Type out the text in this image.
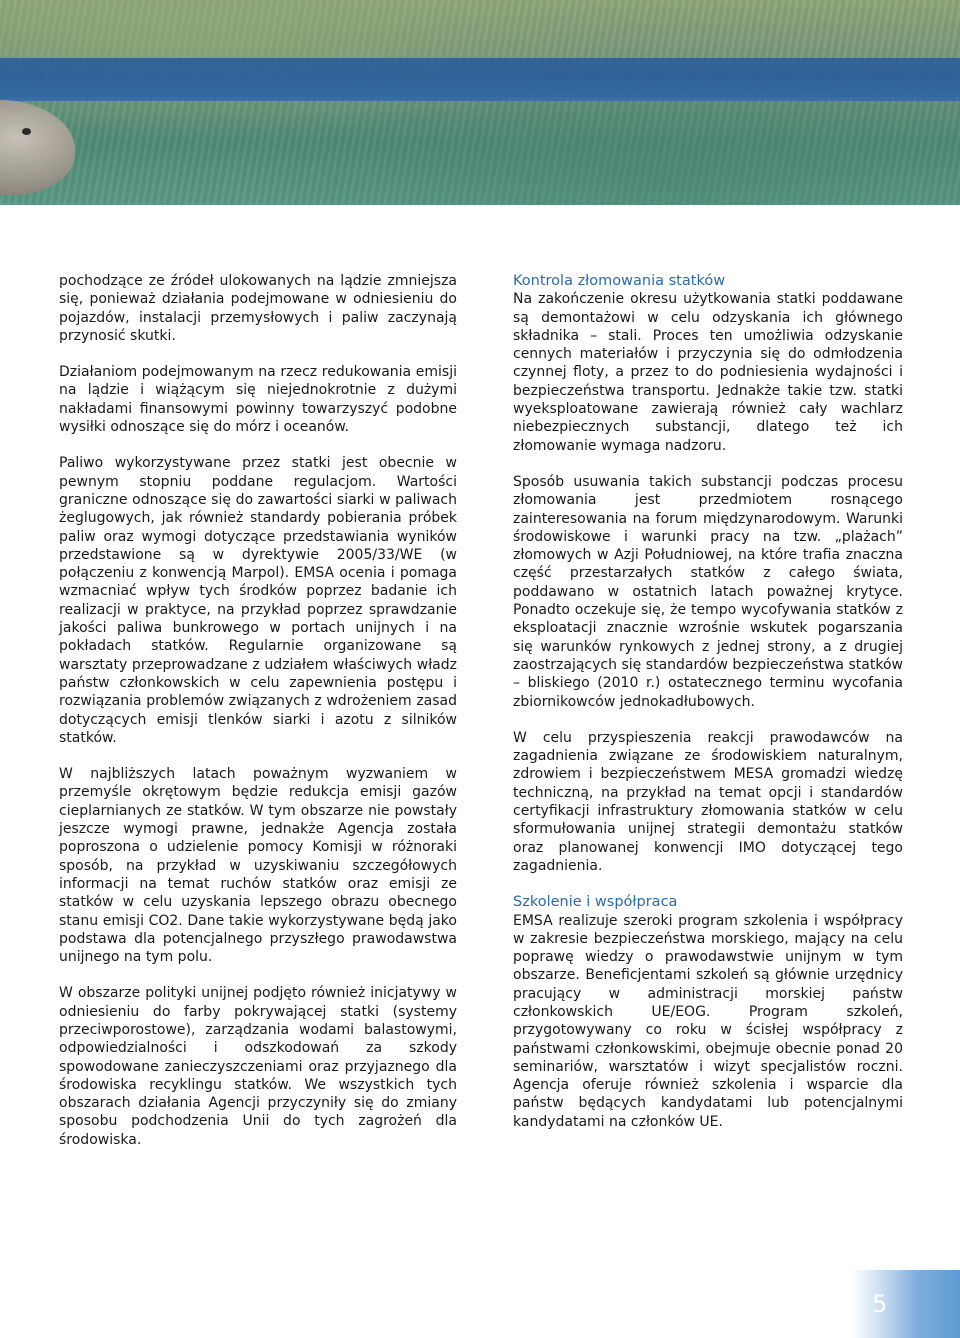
pochodzące ze źródeł ulokowanych na lądzie zmniejsza się, ponieważ działania podejmowane w odniesieniu do pojazdów, instalacji przemysłowych i paliw zaczynają przynosić skutki.

Działaniom podejmowanym na rzecz redukowania emisji na lądzie i wiążącym się niejednokrotnie z dużymi nakładami finansowymi powinny towarzyszyć podobne wysiłki odnoszące się do mórz i oceanów.

Paliwo wykorzystywane przez statki jest obecnie w pewnym stopniu poddane regulacjom. Wartości graniczne odnoszące się do zawartości siarki w paliwach żeglugowych, jak również standardy pobierania próbek paliw oraz wymogi dotyczące przedstawiania wyników przedstawione są w dyrektywie 2005/33/WE (w połączeniu z konwencją Marpol). EMSA ocenia i pomaga wzmacniać wpływ tych środków poprzez badanie ich realizacji w praktyce, na przykład poprzez sprawdzanie jakości paliwa bunkrowego w portach unijnych i na pokładach statków. Regularnie organizowane są warsztaty przeprowadzane z udziałem właściwych władz państw członkowskich w celu zapewnienia postępu i rozwiązania problemów związanych z wdrożeniem zasad dotyczących emisji tlenków siarki i azotu z silników statków.

W najbliższych latach poważnym wyzwaniem w przemyśle okrętowym będzie redukcja emisji gazów cieplarnianych ze statków. W tym obszarze nie powstały jeszcze wymogi prawne, jednakże Agencja została poproszona o udzielenie pomocy Komisji w różnoraki sposób, na przykład w uzyskiwaniu szczegółowych informacji na temat ruchów statków oraz emisji ze statków w celu uzyskania lepszego obrazu obecnego stanu emisji CO2. Dane takie wykorzystywane będą jako podstawa dla potencjalnego przyszłego prawodawstwa unijnego na tym polu.

W obszarze polityki unijnej podjęto również inicjatywy w odniesieniu do farby pokrywającej statki (systemy przeciwporostowe), zarządzania wodami balastowymi, odpowiedzialności i odszkodowań za szkody spowodowane zanieczyszczeniami oraz przyjaznego dla środowiska recyklingu statków. We wszystkich tych obszarach działania Agencji przyczyniły się do zmiany sposobu podchodzenia Unii do tych zagrożeń dla środowiska.

Kontrola złomowania statków

Na zakończenie okresu użytkowania statki poddawane są demontażowi w celu odzyskania ich głównego składnika – stali. Proces ten umożliwia odzyskanie cennych materiałów i przyczynia się do odmłodzenia czynnej floty, a przez to do podniesienia wydajności i bezpieczeństwa transportu. Jednakże takie tzw. statki wyeksploatowane zawierają również cały wachlarz niebezpiecznych substancji, dlatego też ich złomowanie wymaga nadzoru.

Sposób usuwania takich substancji podczas procesu złomowania jest przedmiotem rosnącego zainteresowania na forum międzynarodowym. Warunki środowiskowe i warunki pracy na tzw. „plażach” złomowych w Azji Południowej, na które trafia znaczna część przestarzałych statków z całego świata, poddawano w ostatnich latach poważnej krytyce. Ponadto oczekuje się, że tempo wycofywania statków z eksploatacji znacznie wzrośnie wskutek pogarszania się warunków rynkowych z jednej strony, a z drugiej zaostrzających się standardów bezpieczeństwa statków – bliskiego (2010 r.) ostatecznego terminu wycofania zbiornikowców jednokadłubowych.

W celu przyspieszenia reakcji prawodawców na zagadnienia związane ze środowiskiem naturalnym, zdrowiem i bezpieczeństwem MESA gromadzi wiedzę techniczną, na przykład na temat opcji i standardów certyfikacji infrastruktury złomowania statków w celu sformułowania unijnej strategii demontażu statków oraz planowanej konwencji IMO dotyczącej tego zagadnienia.

Szkolenie i współpraca

EMSA realizuje szeroki program szkolenia i współpracy w zakresie bezpieczeństwa morskiego, mający na celu poprawę wiedzy o prawodawstwie unijnym w tym obszarze. Beneficjentami szkoleń są głównie urzędnicy pracujący w administracji morskiej państw członkowskich UE/EOG. Program szkoleń, przygotowywany co roku w ścisłej współpracy z państwami członkowskimi, obejmuje obecnie ponad 20 seminariów, warsztatów i wizyt specjalistów roczni. Agencja oferuje również szkolenia i wsparcie dla państw będących kandydatami lub potencjalnymi kandydatami na członków UE.

5
